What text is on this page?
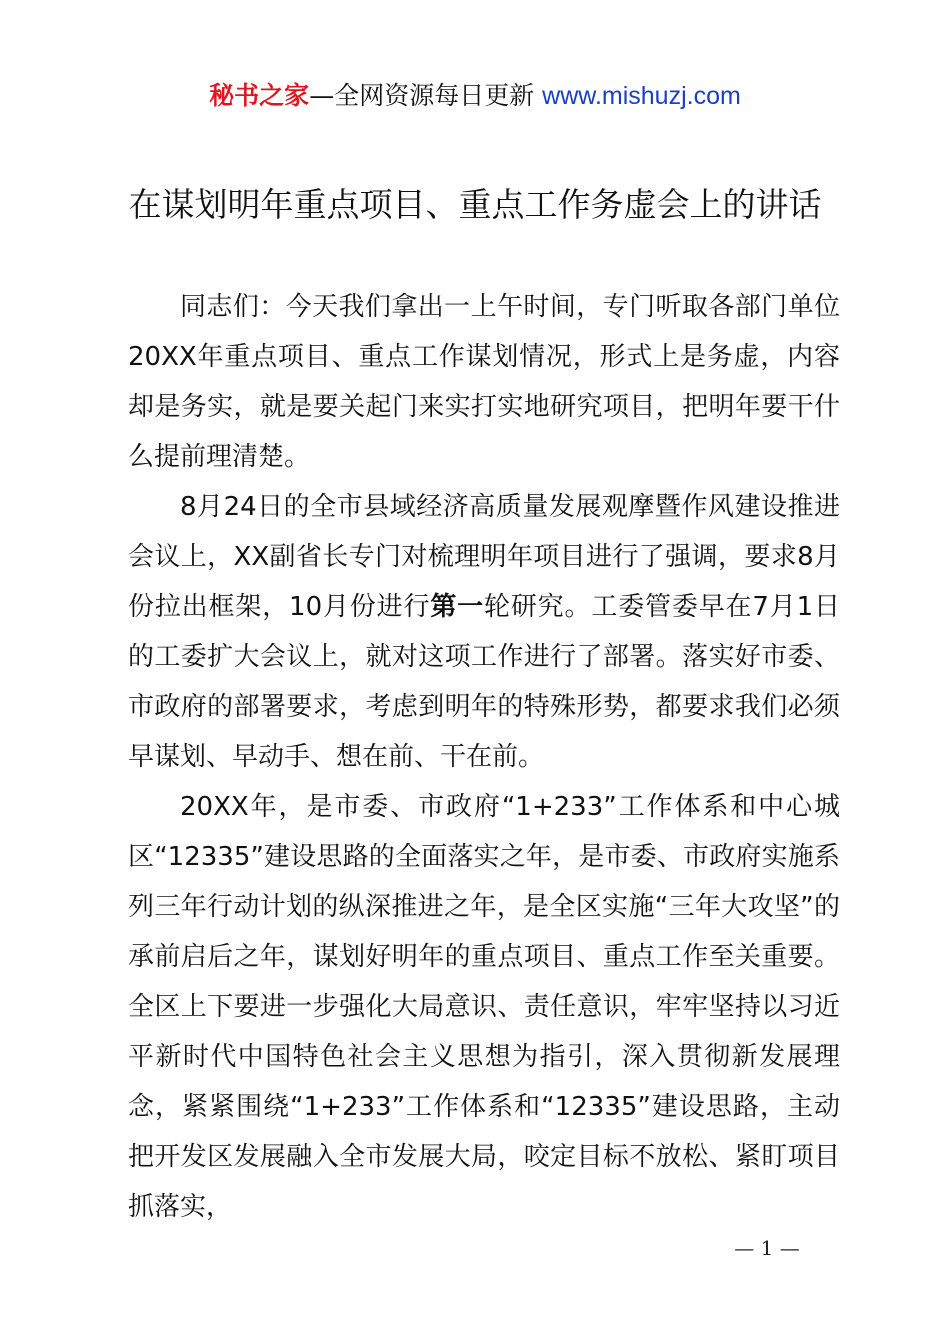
秘书之家—全网资源每日更新 www.mishuzj.com
在谋划明年重点项目、重点工作务虚会上的讲话

同志们：今天我们拿出一上午时间，专门听取各部门单位20XX年重点项目、重点工作谋划情况，形式上是务虚，内容却是务实，就是要关起门来实打实地研究项目，把明年要干什么提前理清楚。

8月24日的全市县域经济高质量发展观摩暨作风建设推进会议上，XX副省长专门对梳理明年项目进行了强调，要求8月份拉出框架，10月份进行第一轮研究。工委管委早在7月1日的工委扩大会议上，就对这项工作进行了部署。落实好市委、市政府的部署要求，考虑到明年的特殊形势，都要求我们必须早谋划、早动手、想在前、干在前。

20XX年，是市委、市政府“1+233”工作体系和中心城区“12335”建设思路的全面落实之年，是市委、市政府实施系列三年行动计划的纵深推进之年，是全区实施“三年大攻坚”的承前启后之年，谋划好明年的重点项目、重点工作至关重要。全区上下要进一步强化大局意识、责任意识，牢牢坚持以习近平新时代中国特色社会主义思想为指引，深入贯彻新发展理念，紧紧围绕“1+233”工作体系和“12335”建设思路，主动把开发区发展融入全市发展大局，咬定目标不放松、紧盯项目抓落实，

— 1 —
